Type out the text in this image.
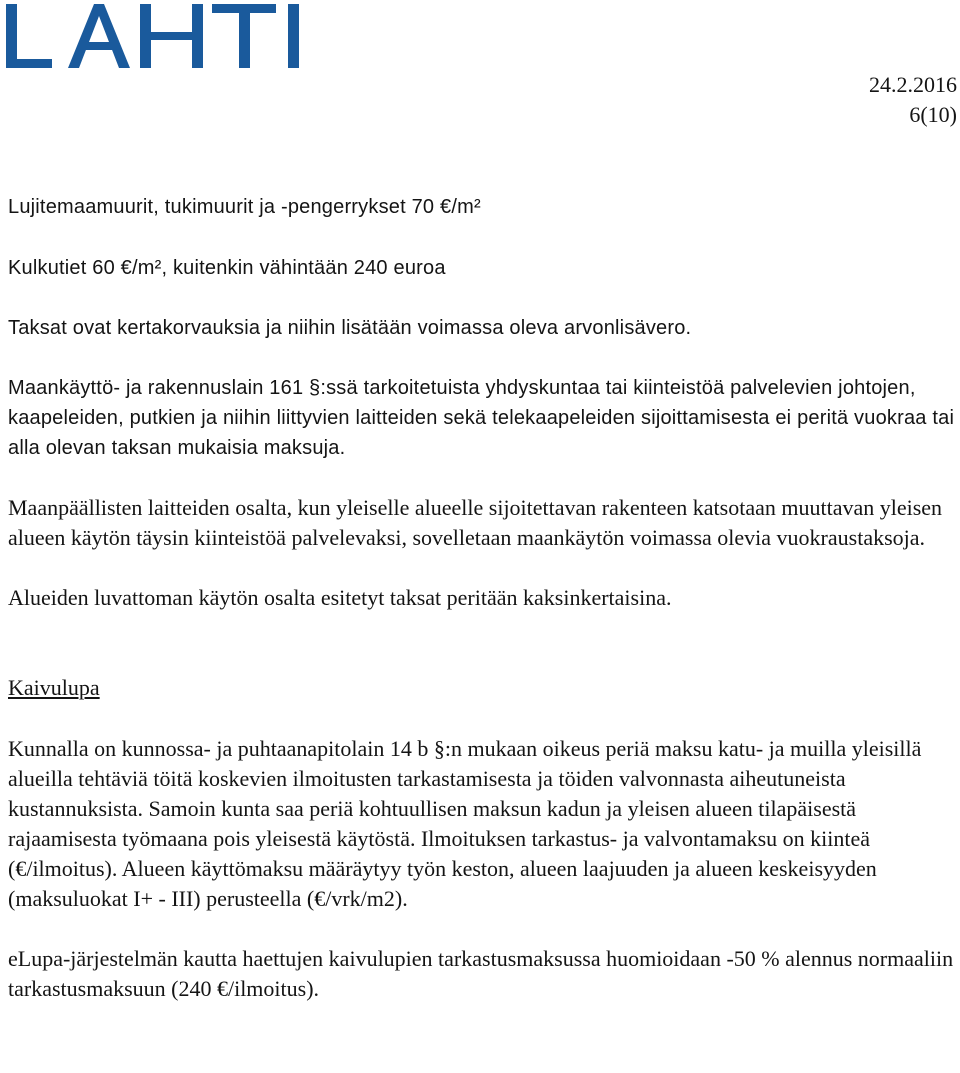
24.2.2016
6(10)

Lujitemaamuurit, tukimuurit ja -pengerrykset 70 €/m²

Kulkutiet 60 €/m², kuitenkin vähintään 240 euroa

Taksat ovat kertakorvauksia ja niihin lisätään voimassa oleva arvonlisävero.

Maankäyttö- ja rakennuslain 161 §:ssä tarkoitetuista yhdyskuntaa tai kiinteistöä palvelevien johtojen, kaapeleiden, putkien ja niihin liittyvien laitteiden sekä telekaapeleiden sijoittamisesta ei peritä vuokraa tai alla olevan taksan mukaisia maksuja.

Maanpäällisten laitteiden osalta, kun yleiselle alueelle sijoitettavan rakenteen katsotaan muuttavan yleisen alueen käytön täysin kiinteistöä palvelevaksi, sovelletaan maankäytön voimassa olevia vuokraustaksoja.

Alueiden luvattoman käytön osalta esitetyt taksat peritään kaksinkertaisina.

Kaivulupa

Kunnalla on kunnossa- ja puhtaanapitolain 14 b §:n mukaan oikeus periä maksu katu- ja muilla yleisillä alueilla tehtäviä töitä koskevien ilmoitusten tarkastamisesta ja töiden valvonnasta aiheutuneista kustannuksista. Samoin kunta saa periä kohtuullisen maksun kadun ja yleisen alueen tilapäisestä rajaamisesta työmaana pois yleisestä käytöstä. Ilmoituksen tarkastus- ja valvontamaksu on kiinteä (€/ilmoitus). Alueen käyttömaksu määräytyy työn keston, alueen laajuuden ja alueen keskeisyyden (maksuluokat I+ - III) perusteella (€/vrk/m2).

eLupa-järjestelmän kautta haettujen kaivulupien tarkastusmaksussa huomioidaan -50 % alennus normaaliin tarkastusmaksuun (240 €/ilmoitus).
